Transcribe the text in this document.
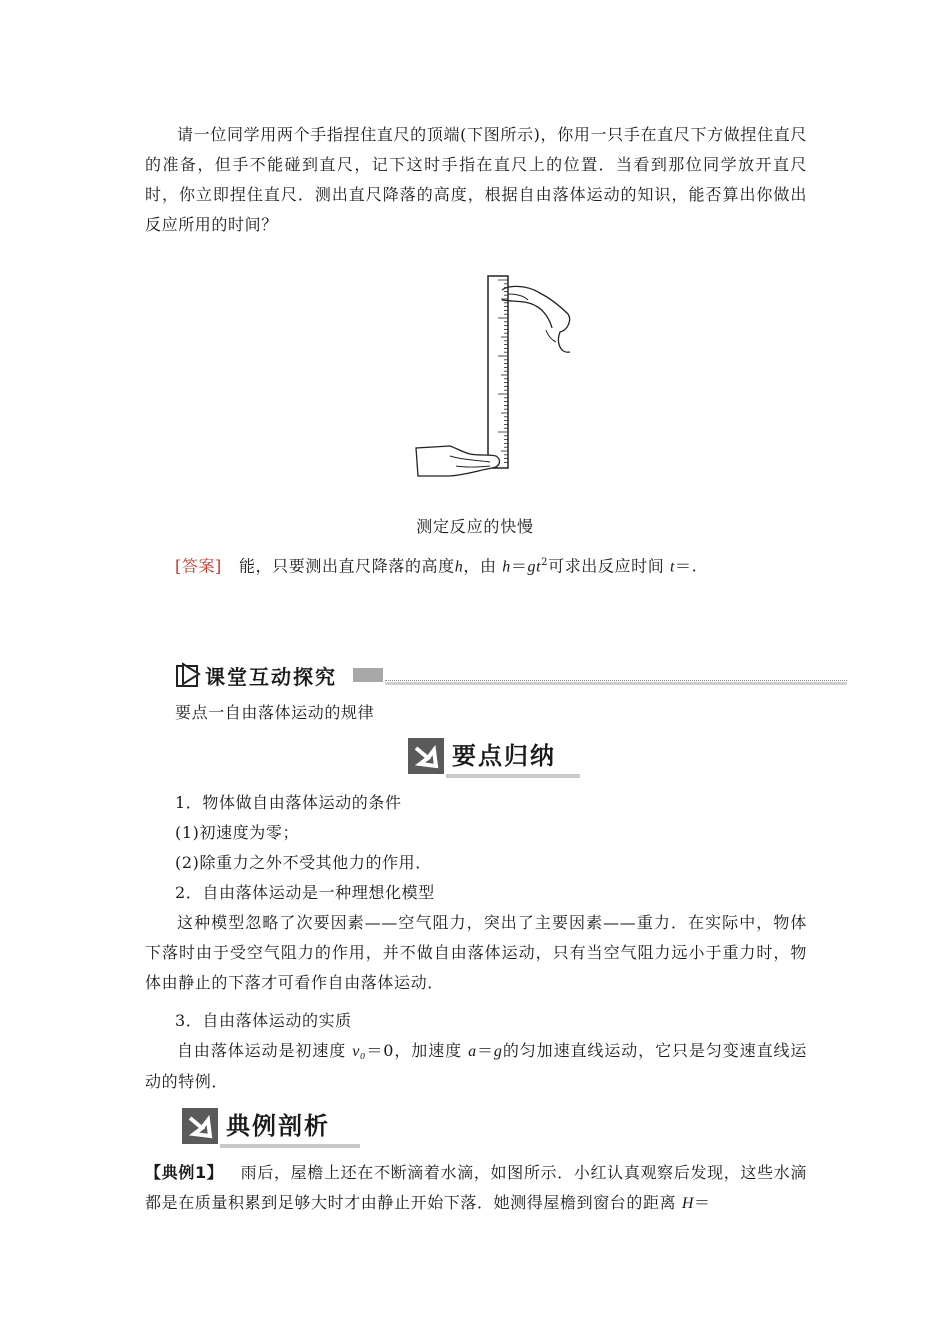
请一位同学用两个手指捏住直尺的顶端(下图所示)，你用一只手在直尺下方做捏住直尺的准备，但手不能碰到直尺，记下这时手指在直尺上的位置．当看到那位同学放开直尺时，你立即捏住直尺．测出直尺降落的高度，根据自由落体运动的知识，能否算出你做出反应所用的时间？

测定反应的快慢

[答案] 能，只要测出直尺降落的高度h，由 $h=gt^2$可求出反应时间 t＝.

课堂互动探究

要点一自由落体运动的规律

要点归纳

1．物体做自由落体运动的条件

(1)初速度为零；

(2)除重力之外不受其他力的作用．

2．自由落体运动是一种理想化模型

这种模型忽略了次要因素——空气阻力，突出了主要因素——重力．在实际中，物体下落时由于受空气阻力的作用，并不做自由落体运动，只有当空气阻力远小于重力时，物体由静止的下落才可看作自由落体运动．

3．自由落体运动的实质

自由落体运动是初速度 v₀＝0，加速度 a＝g的匀加速直线运动，它只是匀变速直线运动的特例．

典例剖析

【典例1】 雨后，屋檐上还在不断滴着水滴，如图所示．小红认真观察后发现，这些水滴都是在质量积累到足够大时才由静止开始下落．她测得屋檐到窗台的距离 H＝
